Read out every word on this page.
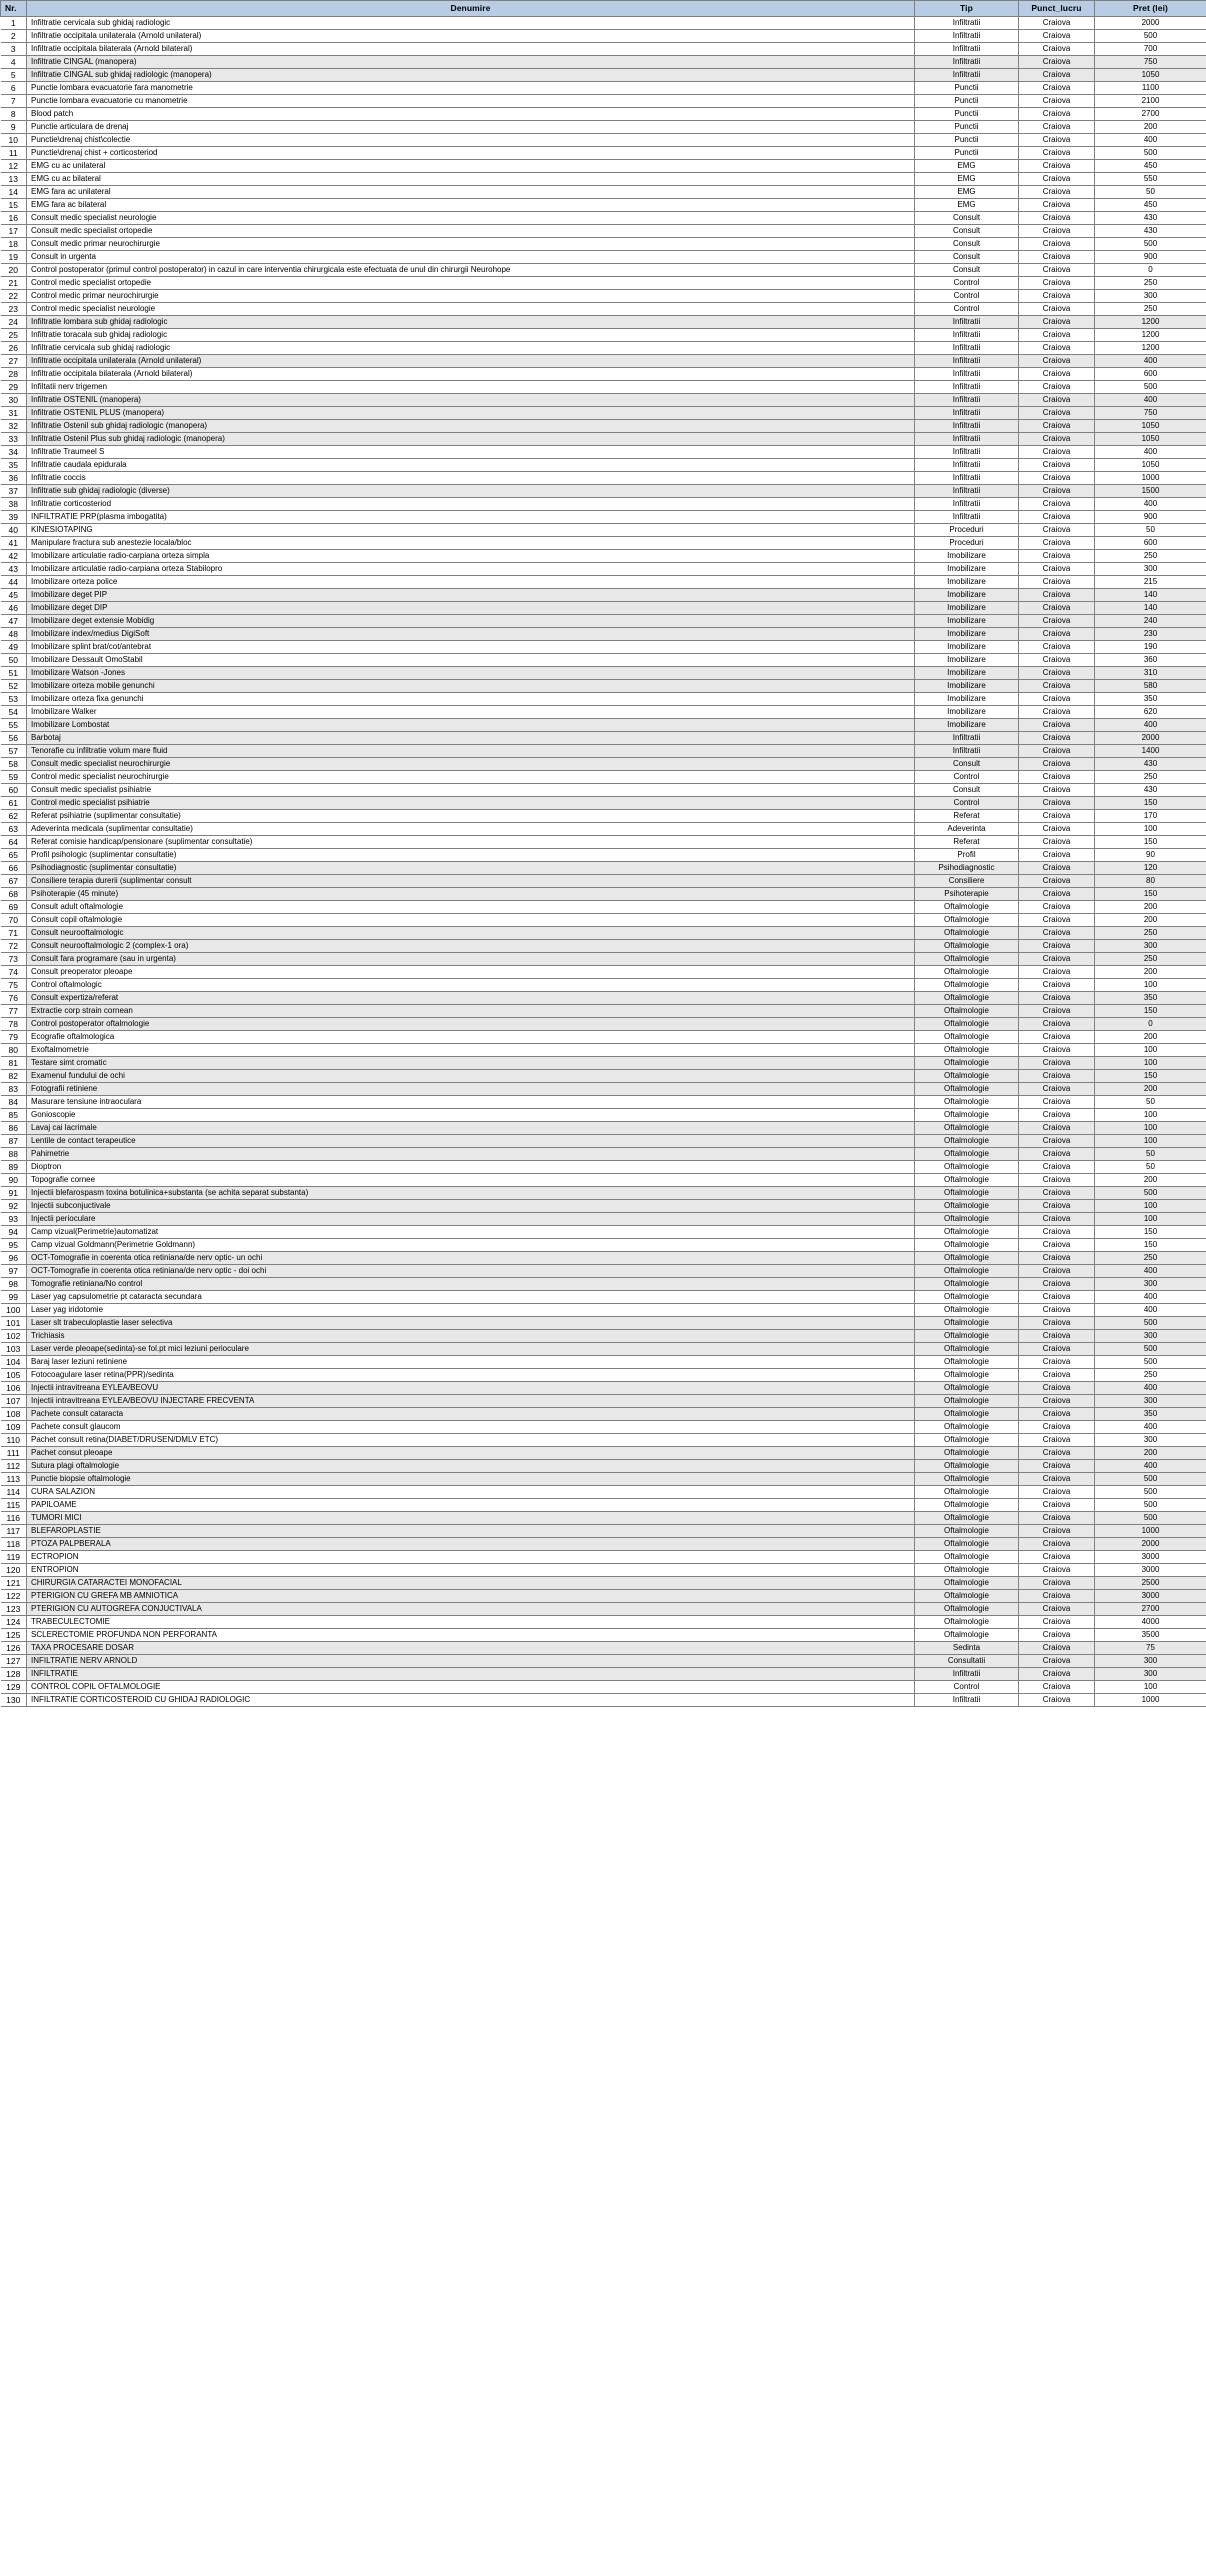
Nr.	Denumire	Tip	Punct_lucru	Pret (lei)
1	Infiltratie cervicala sub ghidaj radiologic	Infiltratii	Craiova	2000
2	Infiltratie occipitala unilaterala (Arnold unilateral)	Infiltratii	Craiova	500
3	Infiltratie occipitala bilaterala (Arnold bilateral)	Infiltratii	Craiova	700
4	Infiltratie CINGAL (manopera)	Infiltratii	Craiova	750
5	Infiltratie CINGAL sub ghidaj radiologic (manopera)	Infiltratii	Craiova	1050
6	Punctie lombara evacuatorie fara manometrie	Punctii	Craiova	1100
7	Punctie lombara evacuatorie cu manometrie	Punctii	Craiova	2100
8	Blood patch	Punctii	Craiova	2700
9	Punctie articulara de drenaj	Punctii	Craiova	200
10	Punctie\drenaj chist\colectie	Punctii	Craiova	400
11	Punctie\drenaj chist + corticosteriod	Punctii	Craiova	500
12	EMG cu ac unilateral	EMG	Craiova	450
13	EMG cu ac bilateral	EMG	Craiova	550
14	EMG fara ac unilateral	EMG	Craiova	50
15	EMG fara ac bilateral	EMG	Craiova	450
16	Consult medic specialist neurologie	Consult	Craiova	430
17	Consult medic specialist ortopedie	Consult	Craiova	430
18	Consult medic primar neurochirurgie	Consult	Craiova	500
19	Consult in urgenta	Consult	Craiova	900
20	Control postoperator (primul control postoperator) in cazul in care interventia chirurgicala este efectuata de unul din chirurgii Neurohope	Consult	Craiova	0
21	Control medic specialist ortopedie	Control	Craiova	250
22	Control medic primar neurochirurgie	Control	Craiova	300
23	Control medic specialist neurologie	Control	Craiova	250
24	Infiltratie lombara sub ghidaj radiologic	Infiltratii	Craiova	1200
25	Infiltratie toracala sub ghidaj radiologic	Infiltratii	Craiova	1200
26	Infiltratie cervicala sub ghidaj radiologic	Infiltratii	Craiova	1200
27	Infiltratie occipitala unilaterala (Arnold unilateral)	Infiltratii	Craiova	400
28	Infiltratie occipitala bilaterala (Arnold bilateral)	Infiltratii	Craiova	600
29	Infiltatii nerv trigemen	Infiltratii	Craiova	500
30	Infiltratie OSTENIL (manopera)	Infiltratii	Craiova	400
31	Infiltratie OSTENIL PLUS (manopera)	Infiltratii	Craiova	750
32	Infiltratie Ostenil sub ghidaj radiologic (manopera)	Infiltratii	Craiova	1050
33	Infiltratie Ostenil Plus sub ghidaj radiologic (manopera)	Infiltratii	Craiova	1050
34	Infiltratie Traumeel S	Infiltratii	Craiova	400
35	Infiltratie caudala epidurala	Infiltratii	Craiova	1050
36	Infiltratie coccis	Infiltratii	Craiova	1000
37	Infiltratie sub ghidaj radiologic (diverse)	Infiltratii	Craiova	1500
38	Infiltratie corticosteriod	Infiltratii	Craiova	400
39	INFILTRATIE PRP(plasma imbogatita)	Infiltratii	Craiova	900
40	KINESIOTAPING	Proceduri	Craiova	50
41	Manipulare fractura sub anestezie locala/bloc	Proceduri	Craiova	600
42	Imobilizare articulatie radio-carpiana orteza simpla	Imobilizare	Craiova	250
43	Imobilizare articulatie radio-carpiana orteza Stabilopro	Imobilizare	Craiova	300
44	Imobilizare orteza police	Imobilizare	Craiova	215
45	Imobilizare deget PIP	Imobilizare	Craiova	140
46	Imobilizare deget DIP	Imobilizare	Craiova	140
47	Imobilizare deget extensie Mobidig	Imobilizare	Craiova	240
48	Imobilizare index/medius DigiSoft	Imobilizare	Craiova	230
49	Imobilizare splint brat/cot/antebrat	Imobilizare	Craiova	190
50	Imobilizare Dessault OmoStabil	Imobilizare	Craiova	360
51	Imobilizare Watson -Jones	Imobilizare	Craiova	310
52	Imobilizare orteza mobile genunchi	Imobilizare	Craiova	580
53	Imobilizare orteza fixa genunchi	Imobilizare	Craiova	350
54	Imobilizare Walker	Imobilizare	Craiova	620
55	Imobilizare Lombostat	Imobilizare	Craiova	400
56	Barbotaj	Infiltratii	Craiova	2000
57	Tenorafie cu infiltratie volum mare fluid	Infiltratii	Craiova	1400
58	Consult medic specialist neurochirurgie	Consult	Craiova	430
59	Control medic specialist neurochirurgie	Control	Craiova	250
60	Consult medic specialist psihiatrie	Consult	Craiova	430
61	Control medic specialist psihiatrie	Control	Craiova	150
62	Referat psihiatrie (suplimentar consultatie)	Referat	Craiova	170
63	Adeverinta medicala (suplimentar consultatie)	Adeverinta	Craiova	100
64	Referat comisie handicap/pensionare (suplimentar consultatie)	Referat	Craiova	150
65	Profil psihologic (suplimentar consultatie)	Profil	Craiova	90
66	Psihodiagnostic (suplimentar consultatie)	Psihodiagnostic	Craiova	120
67	Consiliere terapia durerii (suplimentar consult	Consiliere	Craiova	80
68	Psihoterapie (45 minute)	Psihoterapie	Craiova	150
69	Consult adult oftalmologie	Oftalmologie	Craiova	200
70	Consult copil oftalmologie	Oftalmologie	Craiova	200
71	Consult neurooftalmologic	Oftalmologie	Craiova	250
72	Consult neurooftalmologic 2 (complex-1 ora)	Oftalmologie	Craiova	300
73	Consult fara programare (sau in urgenta)	Oftalmologie	Craiova	250
74	Consult preoperator pleoape	Oftalmologie	Craiova	200
75	Control oftalmologic	Oftalmologie	Craiova	100
76	Consult expertiza/referat	Oftalmologie	Craiova	350
77	Extractie corp strain cornean	Oftalmologie	Craiova	150
78	Control postoperator oftalmologie	Oftalmologie	Craiova	0
79	Ecografie oftalmologica	Oftalmologie	Craiova	200
80	Exoftalmometrie	Oftalmologie	Craiova	100
81	Testare simt cromatic	Oftalmologie	Craiova	100
82	Examenul fundului de ochi	Oftalmologie	Craiova	150
83	Fotografii retiniene	Oftalmologie	Craiova	200
84	Masurare tensiune intraoculara	Oftalmologie	Craiova	50
85	Gonioscopie	Oftalmologie	Craiova	100
86	Lavaj cai lacrimale	Oftalmologie	Craiova	100
87	Lentile de contact terapeutice	Oftalmologie	Craiova	100
88	Pahimetrie	Oftalmologie	Craiova	50
89	Dioptron	Oftalmologie	Craiova	50
90	Topografie cornee	Oftalmologie	Craiova	200
91	Injectii blefarospasm toxina botulinica+substanta (se achita separat substanta)	Oftalmologie	Craiova	500
92	Injectii subconjuctivale	Oftalmologie	Craiova	100
93	Injectii perioculare	Oftalmologie	Craiova	100
94	Camp vizual(Perimetrie)automatizat	Oftalmologie	Craiova	150
95	Camp vizual Goldmann(Perimetrie Goldmann)	Oftalmologie	Craiova	150
96	OCT-Tomografie in coerenta otica retiniana/de nerv optic- un ochi	Oftalmologie	Craiova	250
97	OCT-Tomografie in coerenta otica retiniana/de nerv optic - doi ochi	Oftalmologie	Craiova	400
98	Tomografie retiniana/No control	Oftalmologie	Craiova	300
99	Laser yag capsulometrie pt cataracta secundara	Oftalmologie	Craiova	400
100	Laser yag iridotomie	Oftalmologie	Craiova	400
101	Laser slt trabeculoplastie laser selectiva	Oftalmologie	Craiova	500
102	Trichiasis	Oftalmologie	Craiova	300
103	Laser verde pleoape(sedinta)-se fol.pt mici leziuni perioculare	Oftalmologie	Craiova	500
104	Baraj laser leziuni retiniene	Oftalmologie	Craiova	500
105	Fotocoagulare laser retina(PPR)/sedinta	Oftalmologie	Craiova	250
106	Injectii intravitreana EYLEA/BEOVU	Oftalmologie	Craiova	400
107	Injectii intravitreana EYLEA/BEOVU INJECTARE FRECVENTA	Oftalmologie	Craiova	300
108	Pachete consult cataracta	Oftalmologie	Craiova	350
109	Pachete consult glaucom	Oftalmologie	Craiova	400
110	Pachet consult retina(DIABET/DRUSEN/DMLV ETC)	Oftalmologie	Craiova	300
111	Pachet consut pleoape	Oftalmologie	Craiova	200
112	Sutura plagi oftalmologie	Oftalmologie	Craiova	400
113	Punctie biopsie oftalmologie	Oftalmologie	Craiova	500
114	CURA SALAZION	Oftalmologie	Craiova	500
115	PAPILOAME	Oftalmologie	Craiova	500
116	TUMORI MICI	Oftalmologie	Craiova	500
117	BLEFAROPLASTIE	Oftalmologie	Craiova	1000
118	PTOZA PALPBERALA	Oftalmologie	Craiova	2000
119	ECTROPION	Oftalmologie	Craiova	3000
120	ENTROPION	Oftalmologie	Craiova	3000
121	CHIRURGIA CATARACTEI MONOFACIAL	Oftalmologie	Craiova	2500
122	PTERIGION CU GREFA MB AMNIOTICA	Oftalmologie	Craiova	3000
123	PTERIGION CU AUTOGREFA CONJUCTIVALA	Oftalmologie	Craiova	2700
124	TRABECULECTOMIE	Oftalmologie	Craiova	4000
125	SCLERECTOMIE PROFUNDA NON PERFORANTA	Oftalmologie	Craiova	3500
126	TAXA PROCESARE DOSAR	Sedinta	Craiova	75
127	INFILTRATIE NERV ARNOLD	Consultatii	Craiova	300
128	INFILTRATIE	Infiltratii	Craiova	300
129	CONTROL COPIL OFTALMOLOGIE	Control	Craiova	100
130	INFILTRATIE CORTICOSTEROID CU GHIDAJ RADIOLOGIC	Infiltratii	Craiova	1000
